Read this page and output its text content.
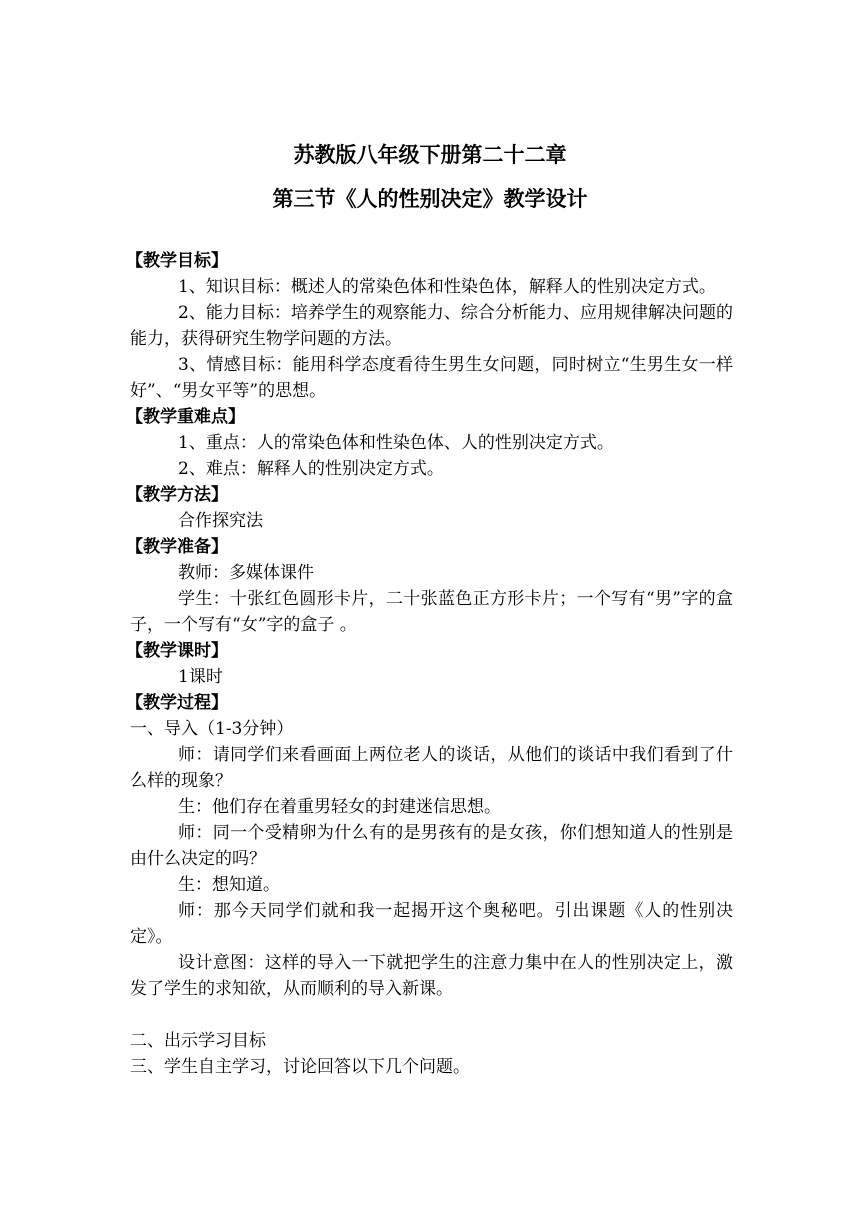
苏教版八年级下册第二十二章
第三节《人的性别决定》教学设计
【教学目标】
1、知识目标：概述人的常染色体和性染色体，解释人的性别决定方式。
2、能力目标：培养学生的观察能力、综合分析能力、应用规律解决问题的能力，获得研究生物学问题的方法。
3、情感目标：能用科学态度看待生男生女问题，同时树立“生男生女一样好”、“男女平等”的思想。
【教学重难点】
1、重点：人的常染色体和性染色体、人的性别决定方式。
2、难点：解释人的性别决定方式。
【教学方法】
合作探究法
【教学准备】
教师：多媒体课件
学生：十张红色圆形卡片，二十张蓝色正方形卡片；一个写有“男”字的盒子，一个写有“女”字的盒子 。
【教学课时】
1课时
【教学过程】
一、导入（1-3分钟）
师：请同学们来看画面上两位老人的谈话，从他们的谈话中我们看到了什么样的现象？
生：他们存在着重男轻女的封建迷信思想。
师：同一个受精卵为什么有的是男孩有的是女孩，你们想知道人的性别是由什么决定的吗？
生：想知道。
师：那今天同学们就和我一起揭开这个奥秘吧。引出课题《人的性别决定》。
设计意图：这样的导入一下就把学生的注意力集中在人的性别决定上，激发了学生的求知欲，从而顺利的导入新课。
二、出示学习目标
三、学生自主学习，讨论回答以下几个问题。
